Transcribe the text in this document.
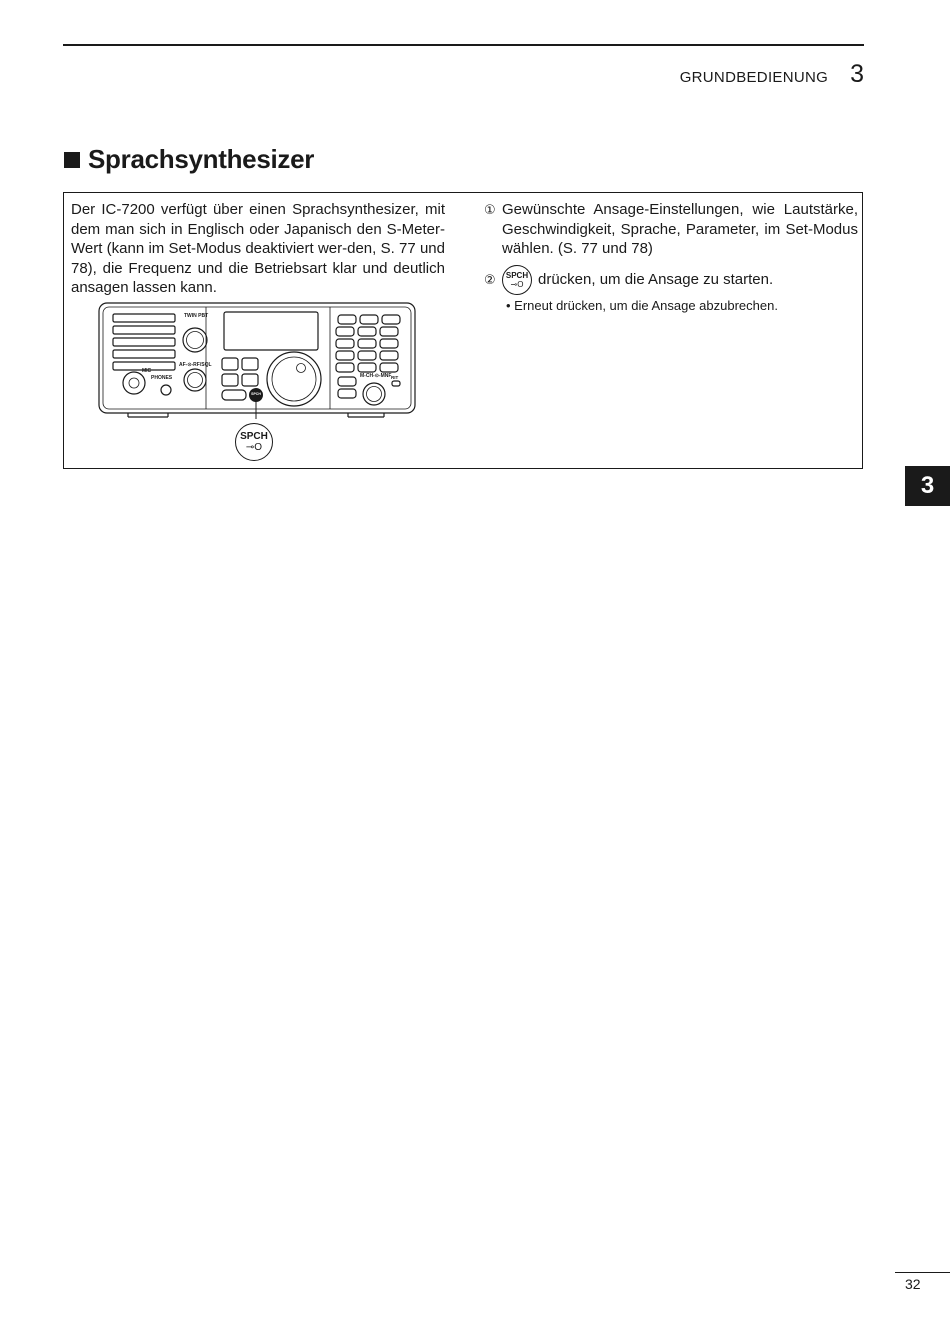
GRUNDBEDIENUNG 3
Sprachsynthesizer

Der IC-7200 verfügt über einen Sprachsynthesizer, mit dem man sich in Englisch oder Japanisch den S-Meter-Wert (kann im Set-Modus deaktiviert wer-den, S. 77 und 78), die Frequenz und die Betriebsart klar und deutlich ansagen lassen kann.

TWIN PBT
AF-⊙-RF/SQL
MIC
PHONES	M-CH-⊙-MNF RIT
SPCH
SPCH
⊸O
① Gewünschte Ansage-Einstellungen, wie Lautstärke, Geschwindigkeit, Sprache, Parameter, im Set-Modus wählen. (S. 77 und 78)
②	SPCH
⊸O drücken, um die Ansage zu starten.
• Erneut drücken, um die Ansage abzubrechen.
3
32
